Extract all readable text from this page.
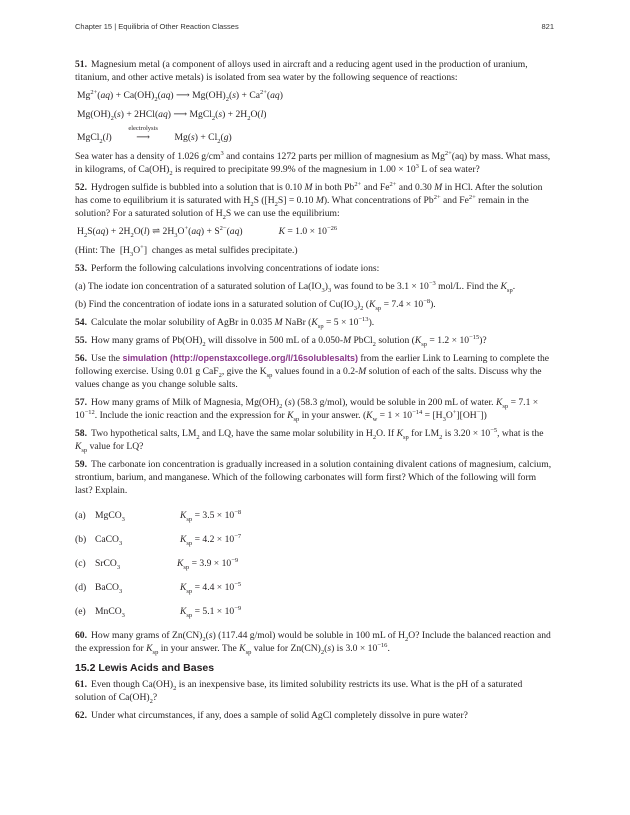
Chapter 15 | Equilibria of Other Reaction Classes	821
51. Magnesium metal (a component of alloys used in aircraft and a reducing agent used in the production of uranium, titanium, and other active metals) is isolated from sea water by the following sequence of reactions:
$Mg^{2+}(aq) + Ca(OH)_2(aq)$ ⟶ $Mg(OH)_2(s) + Ca^{2+}(aq)$
$Mg(OH)_2(s) + 2HCl(aq)$ ⟶ MgCl$_2$(s) + $2H_2O(l)$
MgCl$_2$(l)
electrolysis
⟶ $Mg(s) + Cl_2(g)$
Sea water has a density of 1.026 $g/cm^3$ and contains 1272 parts per million of magnesium as $Mg^{2+}(aq)$ by mass. What mass, in kilograms, of $Ca(OH)_2$ is required to precipitate 99.9% of the magnesium in $1.00 \times 10^3$ L of sea water?
52. Hydrogen sulfide is bubbled into a solution that is 0.10 M in both $Pb^{2+}$ and $Fe^{2+}$ and 0.30 M in HCl. After the solution has come to equilibrium it is saturated with $H_2S$ ($[H_2S] = 0.10$ M). What concentrations of $Pb^{2+}$ and $Fe^{2+}$ remain in the solution? For a saturated solution of $H_2S$ we can use the equilibrium:
$H_2S(aq) + 2H_2O(l)$ ⇌ $2H_3O^+(aq) + S^{2-}(aq)$               $K = 1.0 \times 10^{-26}$
(Hint: The  $[H_3O^+]$  changes as metal sulfides precipitate.)
53. Perform the following calculations involving concentrations of iodate ions:
(a) The iodate ion concentration of a saturated solution of $La(IO_3)_3$ was found to be $3.1 \times 10^{-3}$ mol/L. Find the $K_{sp}$.
(b) Find the concentration of iodate ions in a saturated solution of $Cu(IO_3)_2$ $(K_{sp} = 7.4 \times 10^{-8})$.
54. Calculate the molar solubility of AgBr in 0.035 M NaBr $(K_{sp} = 5 \times 10^{-13})$.
55. How many grams of $Pb(OH)_2$ will dissolve in 500 mL of a 0.050-M PbCl$_2$ solution $(K_{sp} = 1.2 \times 10^{-15})$?
56. Use the simulation (http://openstaxcollege.org/l/16solublesalts) from the earlier Link to Learning to complete the following exercise. Using 0.01 g CaF$_2$, give the $K_{sp}$ values found in a 0.2-M solution of each of the salts. Discuss why the values change as you change soluble salts.
57. How many grams of Milk of Magnesia, $Mg(OH)_2$ (s) (58.3 g/mol), would be soluble in 200 mL of water. $K_{sp} = 7.1 \times 10^{-12}$. Include the ionic reaction and the expression for $K_{sp}$ in your answer. $(K_w = 1 \times 10^{-14} = [H_3O^+][OH^-])$
58. Two hypothetical salts, $LM_2$ and LQ, have the same molar solubility in $H_2O$. If $K_{sp}$ for $LM_2$ is $3.20 \times 10^{-5}$, what is the $K_{sp}$ value for LQ?
59. The carbonate ion concentration is gradually increased in a solution containing divalent cations of magnesium, calcium, strontium, barium, and manganese. Which of the following carbonates will form first? Which of the following will form last? Explain.
(a) MgCO$_3$	$K_{sp} = 3.5 \times 10^{-8}$
(b) CaCO$_3$	$K_{sp} = 4.2 \times 10^{-7}$
(c) SrCO$_3$	$K_{sp} = 3.9 \times 10^{-9}$
(d) BaCO$_3$	$K_{sp} = 4.4 \times 10^{-5}$
(e) MnCO$_3$	$K_{sp} = 5.1 \times 10^{-9}$
60. How many grams of $Zn(CN)_2(s)$ (117.44 g/mol) would be soluble in 100 mL of $H_2O$? Include the balanced reaction and the expression for $K_{sp}$ in your answer. The $K_{sp}$ value for $Zn(CN)_2(s)$ is $3.0 \times 10^{-16}$.
15.2 Lewis Acids and Bases
61. Even though $Ca(OH)_2$ is an inexpensive base, its limited solubility restricts its use. What is the pH of a saturated solution of $Ca(OH)_2$?
62. Under what circumstances, if any, does a sample of solid AgCl completely dissolve in pure water?
